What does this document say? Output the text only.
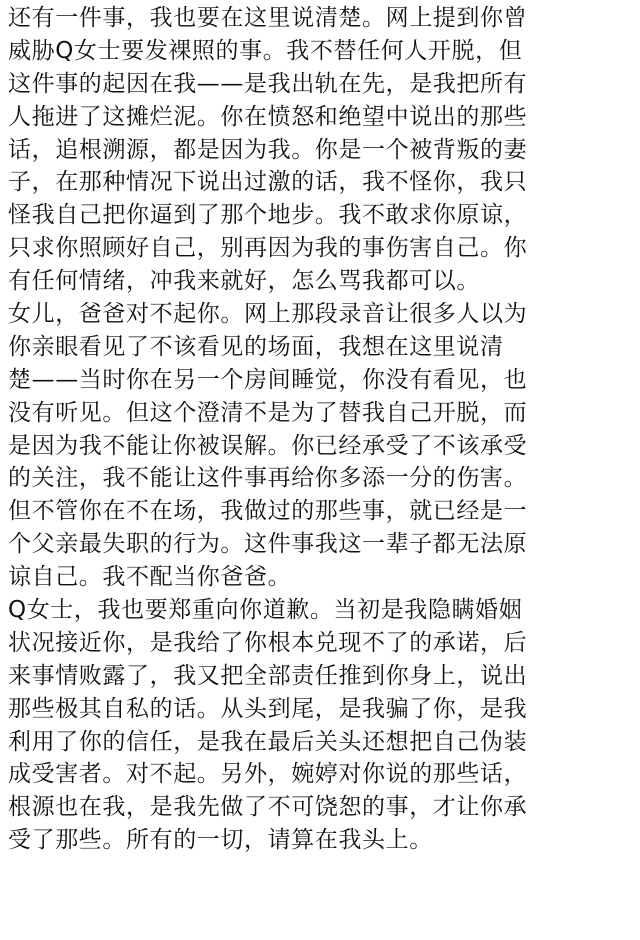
还有一件事，我也要在这里说清楚。网上提到你曾
威胁Q女士要发裸照的事。我不替任何人开脱，但
这件事的起因在我——是我出轨在先，是我把所有
人拖进了这摊烂泥。你在愤怒和绝望中说出的那些
话，追根溯源，都是因为我。你是一个被背叛的妻
子，在那种情况下说出过激的话，我不怪你，我只
怪我自己把你逼到了那个地步。我不敢求你原谅，
只求你照顾好自己，别再因为我的事伤害自己。你
有任何情绪，冲我来就好，怎么骂我都可以。
女儿，爸爸对不起你。网上那段录音让很多人以为
你亲眼看见了不该看见的场面，我想在这里说清
楚——当时你在另一个房间睡觉，你没有看见，也
没有听见。但这个澄清不是为了替我自己开脱，而
是因为我不能让你被误解。你已经承受了不该承受
的关注，我不能让这件事再给你多添一分的伤害。
但不管你在不在场，我做过的那些事，就已经是一
个父亲最失职的行为。这件事我这一辈子都无法原
谅自己。我不配当你爸爸。
Q女士，我也要郑重向你道歉。当初是我隐瞒婚姻
状况接近你，是我给了你根本兑现不了的承诺，后
来事情败露了，我又把全部责任推到你身上，说出
那些极其自私的话。从头到尾，是我骗了你，是我
利用了你的信任，是我在最后关头还想把自己伪装
成受害者。对不起。另外，婉婷对你说的那些话，
根源也在我，是我先做了不可饶恕的事，才让你承
受了那些。所有的一切，请算在我头上。
